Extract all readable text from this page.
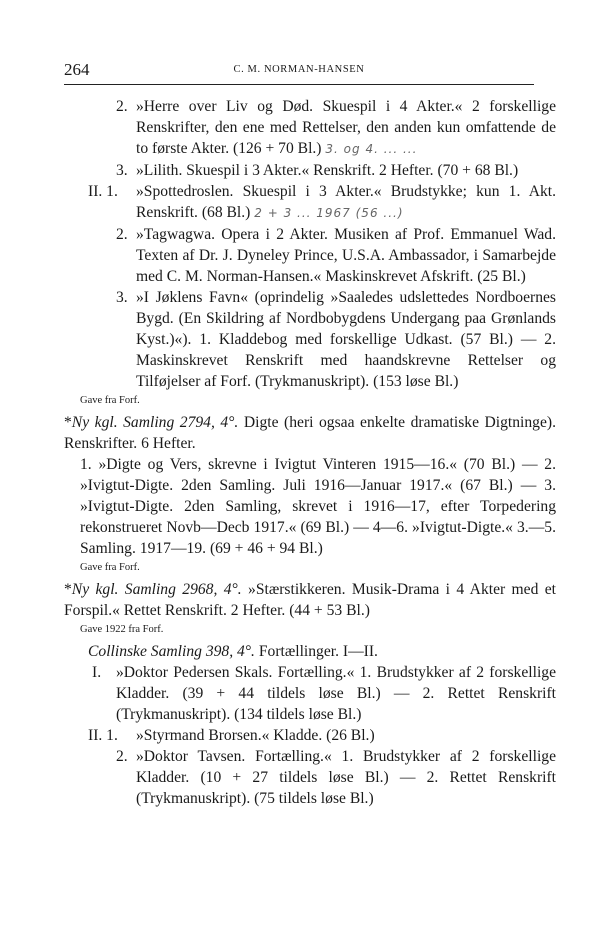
264	C. M. NORMAN-HANSEN
2. »Herre over Liv og Død. Skuespil i 4 Akter.« 2 forskellige Renskrifter, den ene med Rettelser, den anden kun omfattende de to første Akter. (126 + 70 Bl.) 3. og 4. ... ...
3. »Lilith. Skuespil i 3 Akter.« Renskrift. 2 Hefter. (70 + 68 Bl.)
II. 1. »Spottedroslen. Skuespil i 3 Akter.« Brudstykke; kun 1. Akt. Renskrift. (68 Bl.) 2 + 3 ... 1967 (56 ...)
2. »Tagwagwa. Opera i 2 Akter. Musiken af Prof. Emmanuel Wad. Texten af Dr. J. Dyneley Prince, U.S.A. Ambassador, i Samarbejde med C. M. Norman-Hansen.« Maskinskrevet Afskrift. (25 Bl.)
3. »I Jøklens Favn« (oprindelig »Saaledes udslettedes Nordboernes Bygd. (En Skildring af Nordbobygdens Undergang paa Grønlands Kyst.)«). 1. Kladdebog med forskellige Udkast. (57 Bl.) — 2. Maskinskrevet Renskrift med haandskrevne Rettelser og Tilføjelser af Forf. (Trykmanuskript). (153 løse Bl.)
Gave fra Forf.
*Ny kgl. Samling 2794, 4°. Digte (heri ogsaa enkelte dramatiske Digtninge). Renskrifter. 6 Hefter.
1. »Digte og Vers, skrevne i Ivigtut Vinteren 1915—16.« (70 Bl.) — 2. »Ivigtut-Digte. 2den Samling. Juli 1916—Januar 1917.« (67 Bl.) — 3. »Ivigtut-Digte. 2den Samling, skrevet i 1916—17, efter Torpedering rekonstrueret Novb—Decb 1917.« (69 Bl.) — 4—6. »Ivigtut-Digte.« 3.—5. Samling. 1917—19. (69 + 46 + 94 Bl.)
Gave fra Forf.
*Ny kgl. Samling 2968, 4°. »Stærstikkeren. Musik-Drama i 4 Akter med et Forspil.« Rettet Renskrift. 2 Hefter. (44 + 53 Bl.)
Gave 1922 fra Forf.
Collinske Samling 398, 4°. Fortællinger. I—II.
I. »Doktor Pedersen Skals. Fortælling.« 1. Brudstykker af 2 forskellige Kladder. (39 + 44 tildels løse Bl.) — 2. Rettet Renskrift (Trykmanuskript). (134 tildels løse Bl.)
II. 1. »Styrmand Brorsen.« Kladde. (26 Bl.)
2. »Doktor Tavsen. Fortælling.« 1. Brudstykker af 2 forskellige Kladder. (10 + 27 tildels løse Bl.) — 2. Rettet Renskrift (Trykmanuskript). (75 tildels løse Bl.)
